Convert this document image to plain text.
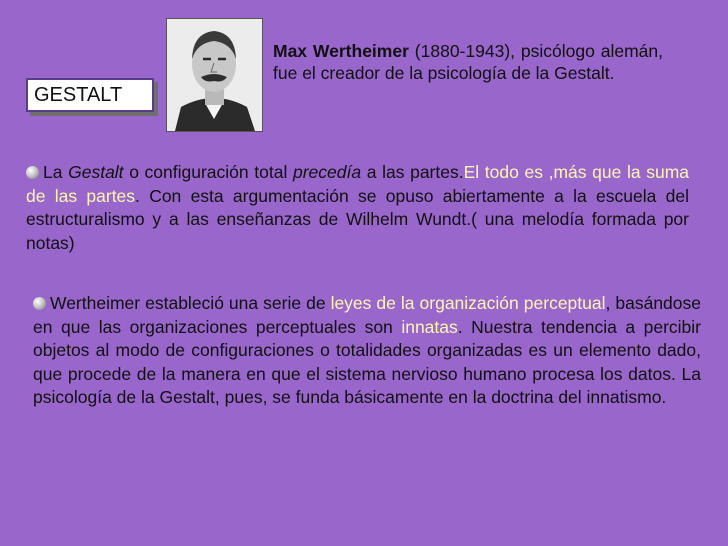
GESTALT
Max Wertheimer (1880-1943), psicólogo alemán, fue el creador de la psicología de la Gestalt.

La Gestalt o configuración total precedía a las partes.El todo es ,más que la suma de las partes. Con esta argumentación se opuso abiertamente a la escuela del estructuralismo y a las enseñanzas de Wilhelm Wundt.( una melodía formada por notas)

Wertheimer estableció una serie de leyes de la organización perceptual, basándose en que las organizaciones perceptuales son innatas. Nuestra tendencia a percibir objetos al modo de configuraciones o totalidades organizadas es un elemento dado, que procede de la manera en que el sistema nervioso humano procesa los datos. La psicología de la Gestalt, pues, se funda básicamente en la doctrina del innatismo.
